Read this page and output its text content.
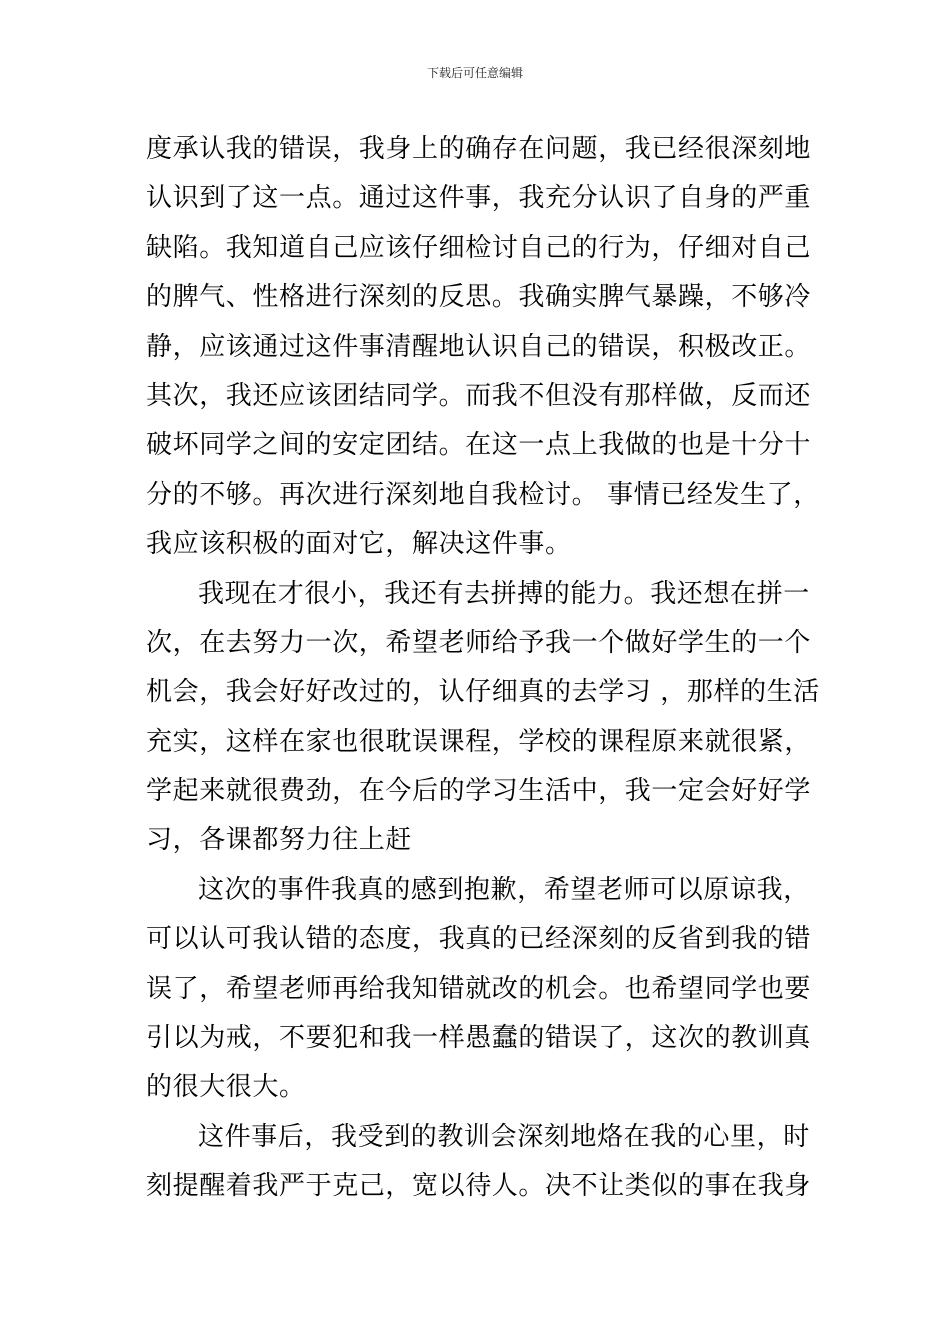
下载后可任意编辑
度承认我的错误，我身上的确存在问题，我已经很深刻地
认识到了这一点。通过这件事，我充分认识了自身的严重
缺陷。我知道自己应该仔细检讨自己的行为，仔细对自己
的脾气、性格进行深刻的反思。我确实脾气暴躁，不够冷
静，应该通过这件事清醒地认识自己的错误，积极改正。
其次，我还应该团结同学。而我不但没有那样做，反而还
破坏同学之间的安定团结。在这一点上我做的也是十分十
分的不够。再次进行深刻地自我检讨。 事情已经发生了，
我应该积极的面对它，解决这件事。
我现在才很小，我还有去拼搏的能力。我还想在拼一
次，在去努力一次，希望老师给予我一个做好学生的一个
机会，我会好好改过的，认仔细真的去学习 ，那样的生活
充实，这样在家也很耽误课程，学校的课程原来就很紧，
学起来就很费劲，在今后的学习生活中，我一定会好好学
习，各课都努力往上赶
这次的事件我真的感到抱歉，希望老师可以原谅我，
可以认可我认错的态度，我真的已经深刻的反省到我的错
误了，希望老师再给我知错就改的机会。也希望同学也要
引以为戒，不要犯和我一样愚蠢的错误了，这次的教训真
的很大很大。
这件事后，我受到的教训会深刻地烙在我的心里，时
刻提醒着我严于克己，宽以待人。决不让类似的事在我身
